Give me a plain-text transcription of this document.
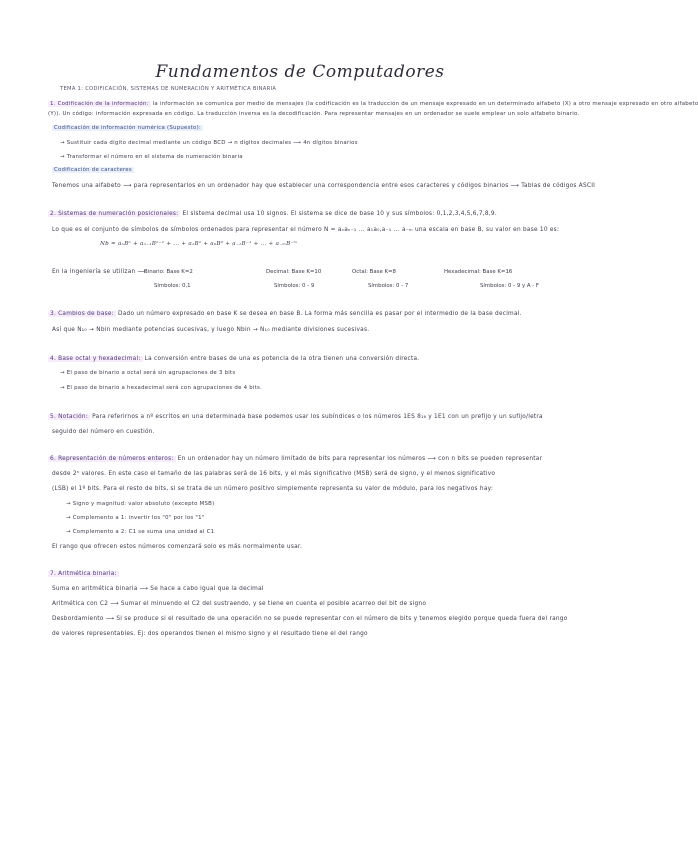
Fundamentos de Computadores
TEMA 1: CODIFICACIÓN, SISTEMAS DE NUMERACIÓN Y ARITMÉTICA BINARIA
1. Codificación de la información: la información se comunica por medio de mensajes (la codificación es la traducción de un mensaje expresado en un determinado alfabeto (X) a otro mensaje expresado en otro alfabeto
(Y)). Un código: información expresada en código. La traducción inversa es la decodificación. Para representar mensajes en un ordenador se suele emplear un solo alfabeto binario.
Codificación de información numérica (Supuesto):
→ Sustituir cada dígito decimal mediante un código BCD → n dígitos decimales ⟶ 4n dígitos binarios
→ Transformar el número en el sistema de numeración binaria
Codificación de caracteres
Tenemos una alfabeto ⟶ para representarlos en un ordenador hay que establecer una correspondencia entre esos caracteres y códigos binarios ⟶ Tablas de códigos ASCII
2. Sistemas de numeración posicionales: El sistema decimal usa 10 signos. El sistema se dice de base 10 y sus símbolos: 0,1,2,3,4,5,6,7,8,9.
Lo que es el conjunto de símbolos de símbolos ordenados para representar el número N = aₙaₙ₋₁ ... a₁a₀,a₋₁ ... a₋ₘ una escala en base B, su valor en base 10 es:
Nb = aₙBⁿ + aₙ₋₁Bⁿ⁻¹ + ... + a₁B¹ + a₀B⁰ + a₋₁B⁻¹ + ... + a₋ₘB⁻ᵐ
En la ingeniería se utilizan ⟶
Binario: Base K=2
Símbolos: 0,1
Decimal: Base K=10
Símbolos: 0 - 9
Octal: Base K=8
Símbolos: 0 - 7
Hexadecimal: Base K=16
Símbolos: 0 - 9 y A - F
3. Cambios de base: Dado un número expresado en base K se desea en base B. La forma más sencilla es pasar por el intermedio de la base decimal.
Así que N₁₀ → Nbin mediante potencias sucesivas, y luego Nbin → N₁₀ mediante divisiones sucesivas.
4. Base octal y hexadecimal: La conversión entre bases de una es potencia de la otra tienen una conversión directa.
→ El paso de binario a octal será sin agrupaciones de 3 bits
→ El paso de binario a hexadecimal será con agrupaciones de 4 bits.
5. Notación: Para referirnos a nº escritos en una determinada base podemos usar los subíndices o los números 1ES 8₁₆ y 1E1 con un prefijo y un sufijo/letra
seguido del número en cuestión.
6. Representación de números enteros: En un ordenador hay un número limitado de bits para representar los números ⟶ con n bits se pueden representar
desde 2ⁿ valores. En este caso el tamaño de las palabras será de 16 bits, y el más significativo (MSB) será de signo, y el menos significativo
(LSB) el 1º bits. Para el resto de bits, si se trata de un número positivo simplemente representa su valor de módulo, para los negativos hay:
→ Signo y magnitud: valor absoluto (excepto MSB)
→ Complemento a 1: invertir los "0" por los "1"
→ Complemento a 2: C1 se suma una unidad al C1
El rango que ofrecen estos números comenzará solo es más normalmente usar.
7. Aritmética binaria:
Suma en aritmética binaria ⟶ Se hace a cabo igual que la decimal
Aritmética con C2 ⟶ Sumar el minuendo el C2 del sustraendo, y se tiene en cuenta el posible acarreo del bit de signo
Desbordamiento ⟶ Si se produce si el resultado de una operación no se puede representar con el número de bits y tenemos elegido porque queda fuera del rango
de valores representables. Ej: dos operandos tienen el mismo signo y el resultado tiene el del rango
